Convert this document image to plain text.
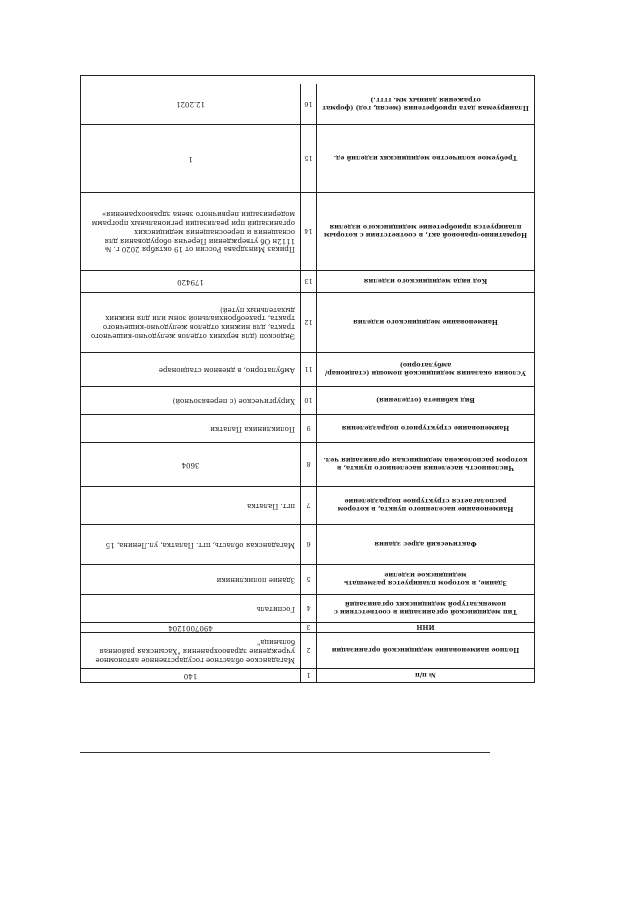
№ п/п
1
140
Полное наименование медицинской организации
2
Магаданское областное государственное автономное учреждение здравоохранения "Хасынская районная больница"
ИНН
3
4907001204
Тип медицинской организации в соответствии с номенклатурой медицинских организаций
4
Госпиталь
Здание, в котором планируется размещать медицинское изделие
5
Здание поликлиники
Фактический адрес здания
6
Магаданская область, пгт. Палатка, ул.Ленина, 15
Наименование населенного пункта, в котором располагается структурное подразделение
7
пгт. Палатка
Численность населения населенного пункта, в котором расположена медицинская организация чел.
8
3604
Наименование структурного подразделения
9
Поликлиника Палатки
Вид кабинета (отделения)
10
Хирургическое (с перевязочной)
Условия оказания медицинской помощи (стационар/амбулаторно)
11
Амбулаторно, в дневном стационаре
Наименование медицинского изделия
12
Эндоскоп (для верхних отделов желудочно-кишечного тракта, для нижних отделов желудочно-кишечного тракта, трахеобронхиальной зоны или для нижних дыхательных путей)
Код вида медицинского изделия
13
179420
Нормативно-правовой акт, в соответствии с которым планируется приобретение медицинского изделия
14
Приказ Минздрава России от 19 октября 2020 г. № 1112н Об утверждении Перечня оборудования для оснащения и переоснащения медицинских организаций при реализации региональных программ модернизации первичного звена здравоохранения»
Требуемое количество медицинских изделий ед.
15
1
Планируемая дата приобретения (месяц, год) (формат отражения данных мм. гггг.)
16
12.2021
